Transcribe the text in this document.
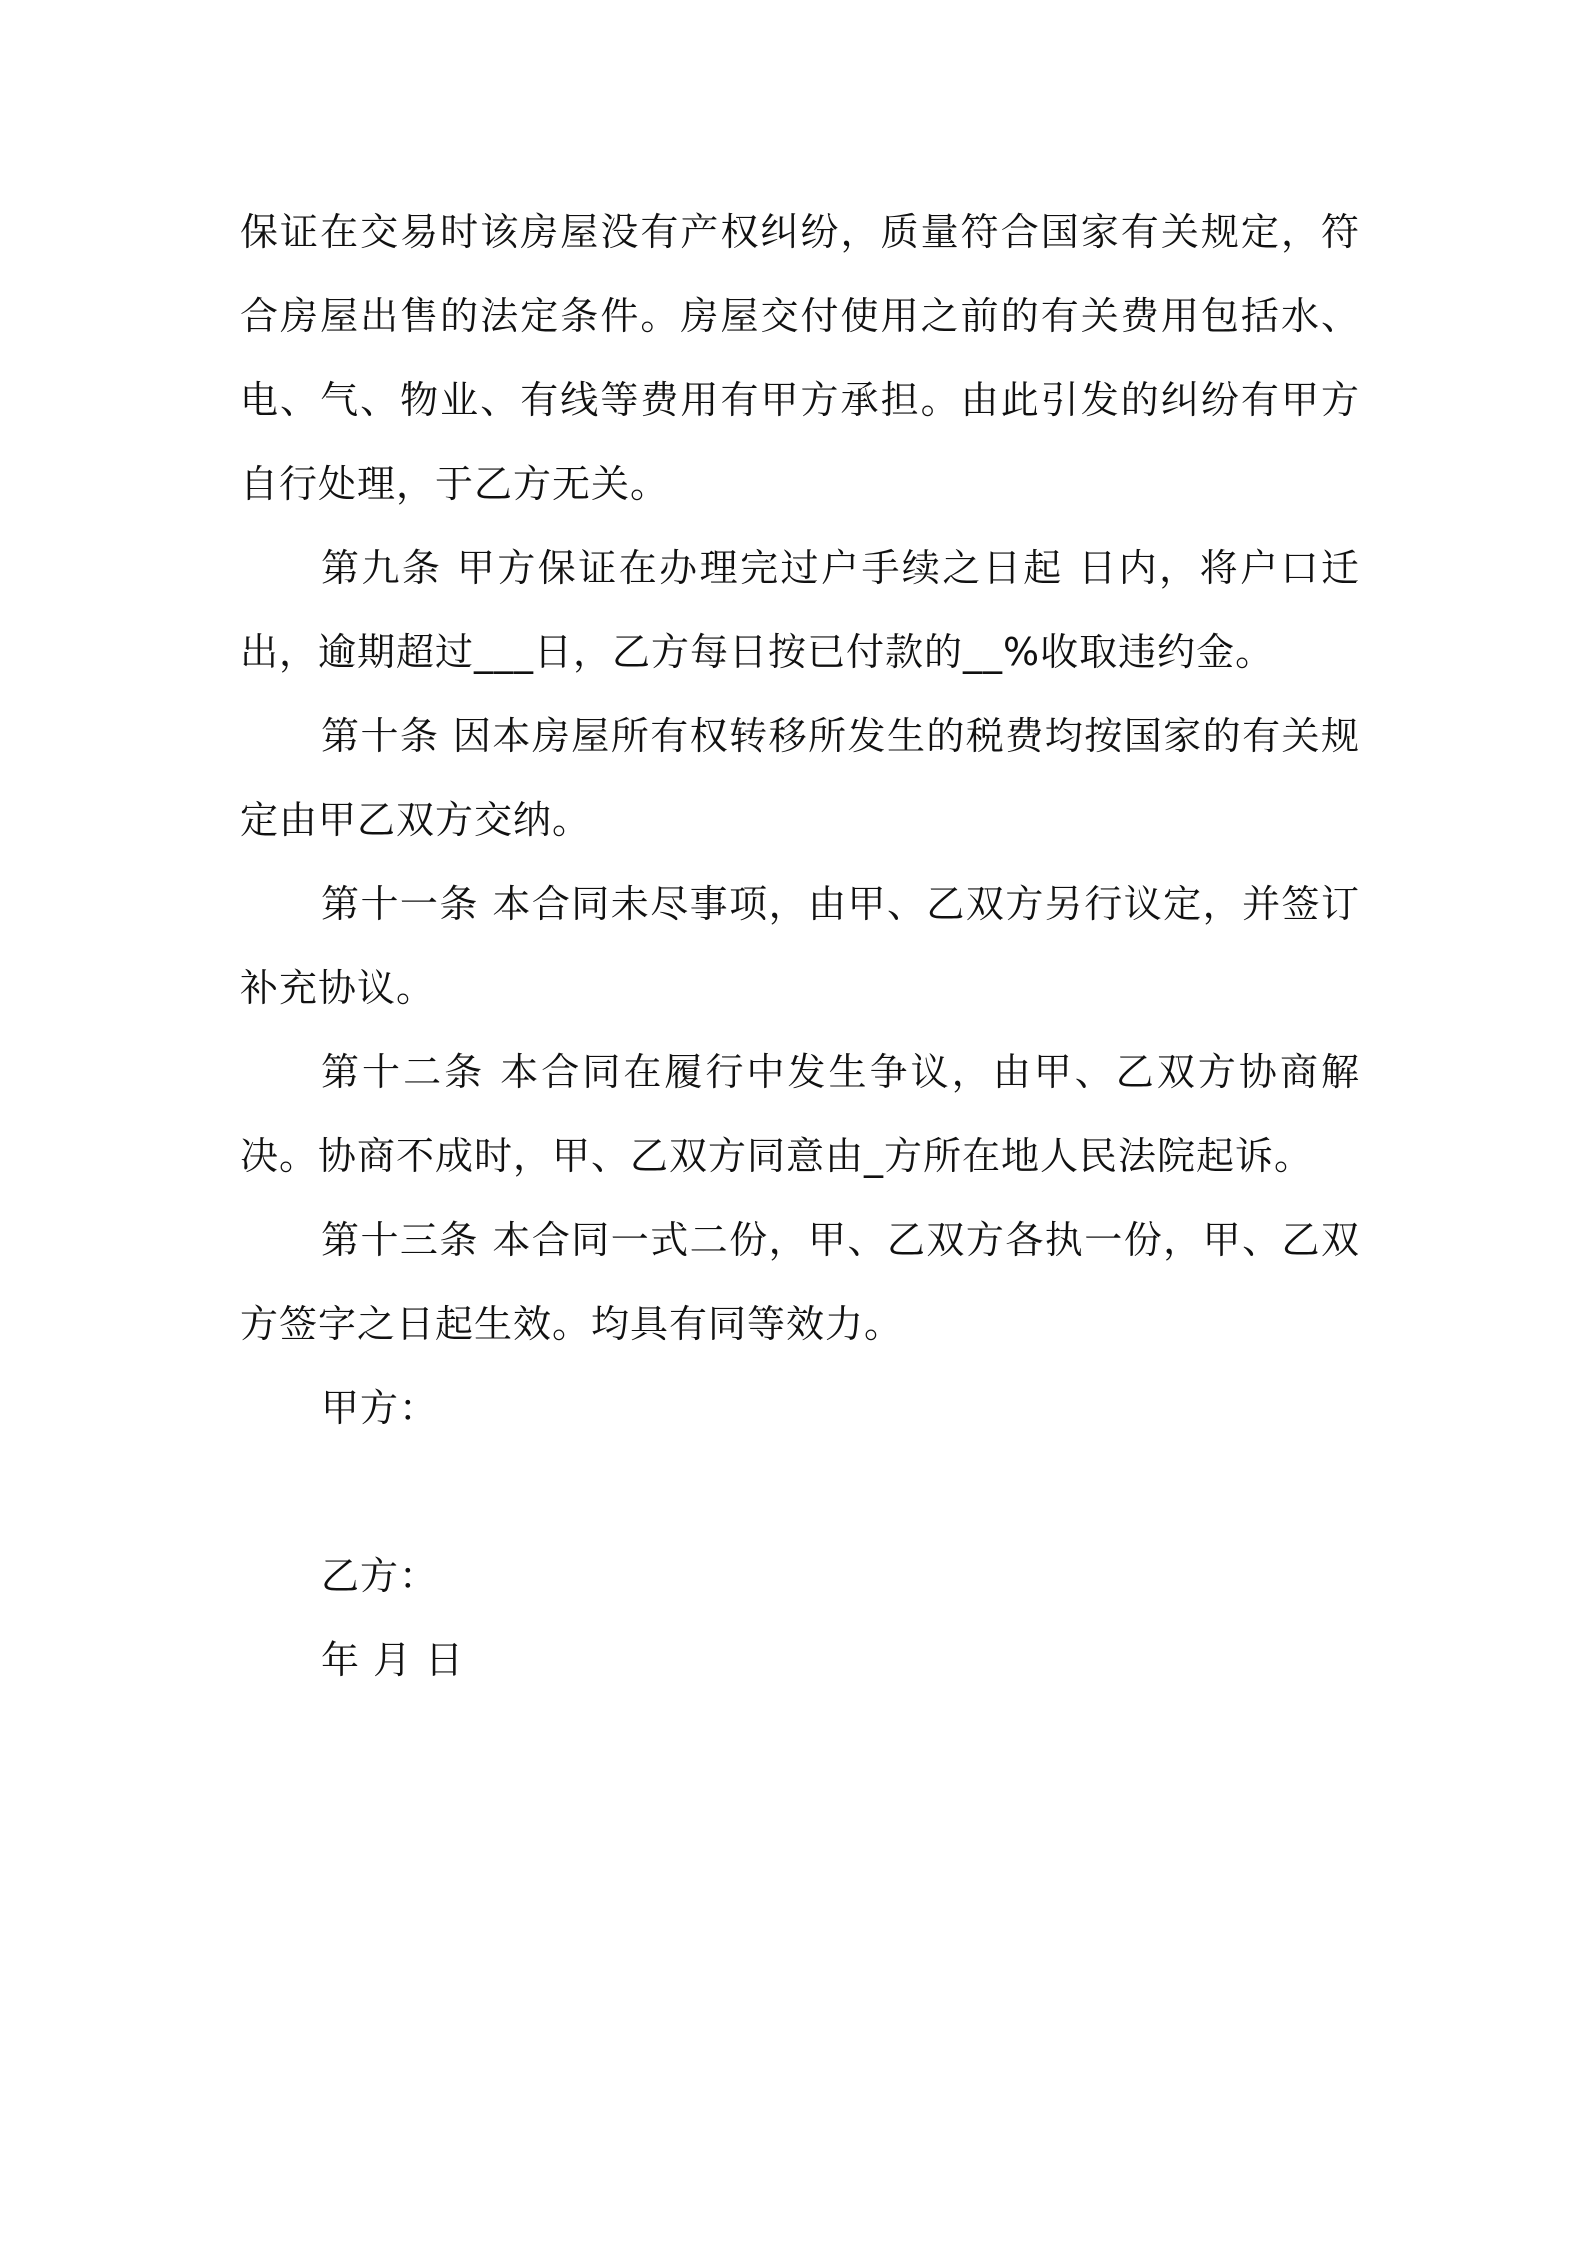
保证在交易时该房屋没有产权纠纷，质量符合国家有关规定，符合房屋出售的法定条件。房屋交付使用之前的有关费用包括水、电、气、物业、有线等费用有甲方承担。由此引发的纠纷有甲方自行处理，于乙方无关。

第九条 甲方保证在办理完过户手续之日起 日内，将户口迁出，逾期超过___日，乙方每日按已付款的__%收取违约金。

第十条 因本房屋所有权转移所发生的税费均按国家的有关规定由甲乙双方交纳。

第十一条 本合同未尽事项，由甲、乙双方另行议定，并签订补充协议。

第十二条 本合同在履行中发生争议，由甲、乙双方协商解决。协商不成时，甲、乙双方同意由_方所在地人民法院起诉。

第十三条 本合同一式二份，甲、乙双方各执一份，甲、乙双方签字之日起生效。均具有同等效力。

甲方：

乙方：

年 月 日
